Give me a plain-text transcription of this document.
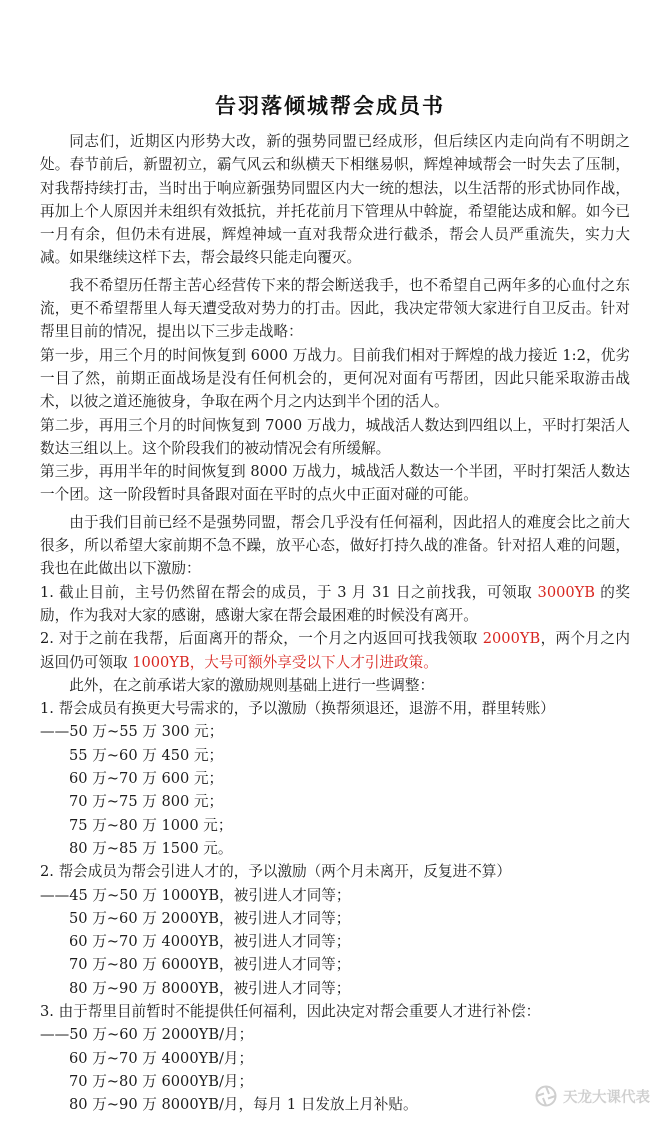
告羽落倾城帮会成员书

同志们，近期区内形势大改，新的强势同盟已经成形，但后续区内走向尚有不明朗之处。春节前后，新盟初立，霸气风云和纵横天下相继易帜，辉煌神域帮会一时失去了压制，对我帮持续打击，当时出于响应新强势同盟区内大一统的想法，以生活帮的形式协同作战，再加上个人原因并未组织有效抵抗，并托花前月下管理从中斡旋，希望能达成和解。如今已一月有余，但仍未有进展，辉煌神域一直对我帮众进行截杀，帮会人员严重流失，实力大减。如果继续这样下去，帮会最终只能走向覆灭。

我不希望历任帮主苦心经营传下来的帮会断送我手，也不希望自己两年多的心血付之东流，更不希望帮里人每天遭受敌对势力的打击。因此，我决定带领大家进行自卫反击。针对帮里目前的情况，提出以下三步走战略：

第一步，用三个月的时间恢复到 6000 万战力。目前我们相对于辉煌的战力接近 1:2，优劣一目了然，前期正面战场是没有任何机会的，更何况对面有丐帮团，因此只能采取游击战术，以彼之道还施彼身，争取在两个月之内达到半个团的活人。

第二步，再用三个月的时间恢复到 7000 万战力，城战活人数达到四组以上，平时打架活人数达三组以上。这个阶段我们的被动情况会有所缓解。

第三步，再用半年的时间恢复到 8000 万战力，城战活人数达一个半团，平时打架活人数达一个团。这一阶段暂时具备跟对面在平时的点火中正面对碰的可能。

由于我们目前已经不是强势同盟，帮会几乎没有任何福利，因此招人的难度会比之前大很多，所以希望大家前期不急不躁，放平心态，做好打持久战的准备。针对招人难的问题，我也在此做出以下激励：

1. 截止目前，主号仍然留在帮会的成员，于 3 月 31 日之前找我，可领取 3000YB 的奖励，作为我对大家的感谢，感谢大家在帮会最困难的时候没有离开。

2. 对于之前在我帮，后面离开的帮众，一个月之内返回可找我领取 2000YB，两个月之内返回仍可领取 1000YB，大号可额外享受以下人才引进政策。

此外，在之前承诺大家的激励规则基础上进行一些调整：

1. 帮会成员有换更大号需求的，予以激励（换帮须退还，退游不用，群里转账）

——50 万~55 万 300 元；

55 万~60 万 450 元；

60 万~70 万 600 元；

70 万~75 万 800 元；

75 万~80 万 1000 元；

80 万~85 万 1500 元。

2. 帮会成员为帮会引进人才的，予以激励（两个月未离开，反复进不算）

——45 万~50 万 1000YB，被引进人才同等；

50 万~60 万 2000YB，被引进人才同等；

60 万~70 万 4000YB，被引进人才同等；

70 万~80 万 6000YB，被引进人才同等；

80 万~90 万 8000YB，被引进人才同等；

3. 由于帮里目前暂时不能提供任何福利，因此决定对帮会重要人才进行补偿：

——50 万~60 万 2000YB/月；

60 万~70 万 4000YB/月；

70 万~80 万 6000YB/月；

80 万~90 万 8000YB/月，每月 1 日发放上月补贴。	天龙大课代表
